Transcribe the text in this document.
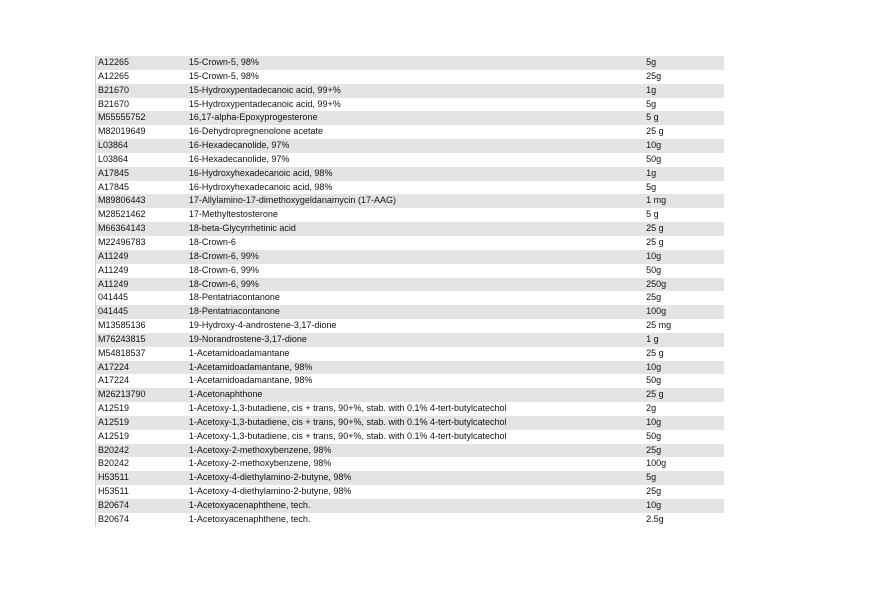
A12265	15-Crown-5, 98%	5g
A12265	15-Crown-5, 98%	25g
B21670	15-Hydroxypentadecanoic acid, 99+%	1g
B21670	15-Hydroxypentadecanoic acid, 99+%	5g
M55555752	16,17-alpha-Epoxyprogesterone	5 g
M82019649	16-Dehydropregnenolone acetate	25 g
L03864	16-Hexadecanolide, 97%	10g
L03864	16-Hexadecanolide, 97%	50g
A17845	16-Hydroxyhexadecanoic acid, 98%	1g
A17845	16-Hydroxyhexadecanoic acid, 98%	5g
M89806443	17-Allylamino-17-dimethoxygeldanamycin (17-AAG)	1 mg
M28521462	17-Methyltestosterone	5 g
M66364143	18-beta-Glycyrrhetinic acid	25 g
M22496783	18-Crown-6	25 g
A11249	18-Crown-6, 99%	10g
A11249	18-Crown-6, 99%	50g
A11249	18-Crown-6, 99%	250g
041445	18-Pentatriacontanone	25g
041445	18-Pentatriacontanone	100g
M13585136	19-Hydroxy-4-androstene-3,17-dione	25 mg
M76243815	19-Norandrostene-3,17-dione	1 g
M54818537	1-Acetamidoadamantane	25 g
A17224	1-Acetamidoadamantane, 98%	10g
A17224	1-Acetamidoadamantane, 98%	50g
M26213790	1-Acetonaphthone	25 g
A12519	1-Acetoxy-1,3-butadiene, cis + trans, 90+%, stab. with 0.1% 4-tert-butylcatechol	2g
A12519	1-Acetoxy-1,3-butadiene, cis + trans, 90+%, stab. with 0.1% 4-tert-butylcatechol	10g
A12519	1-Acetoxy-1,3-butadiene, cis + trans, 90+%, stab. with 0.1% 4-tert-butylcatechol	50g
B20242	1-Acetoxy-2-methoxybenzene, 98%	25g
B20242	1-Acetoxy-2-methoxybenzene, 98%	100g
H53511	1-Acetoxy-4-diethylamino-2-butyne, 98%	5g
H53511	1-Acetoxy-4-diethylamino-2-butyne, 98%	25g
B20674	1-Acetoxyacenaphthene, tech.	10g
B20674	1-Acetoxyacenaphthene, tech.	2.5g
